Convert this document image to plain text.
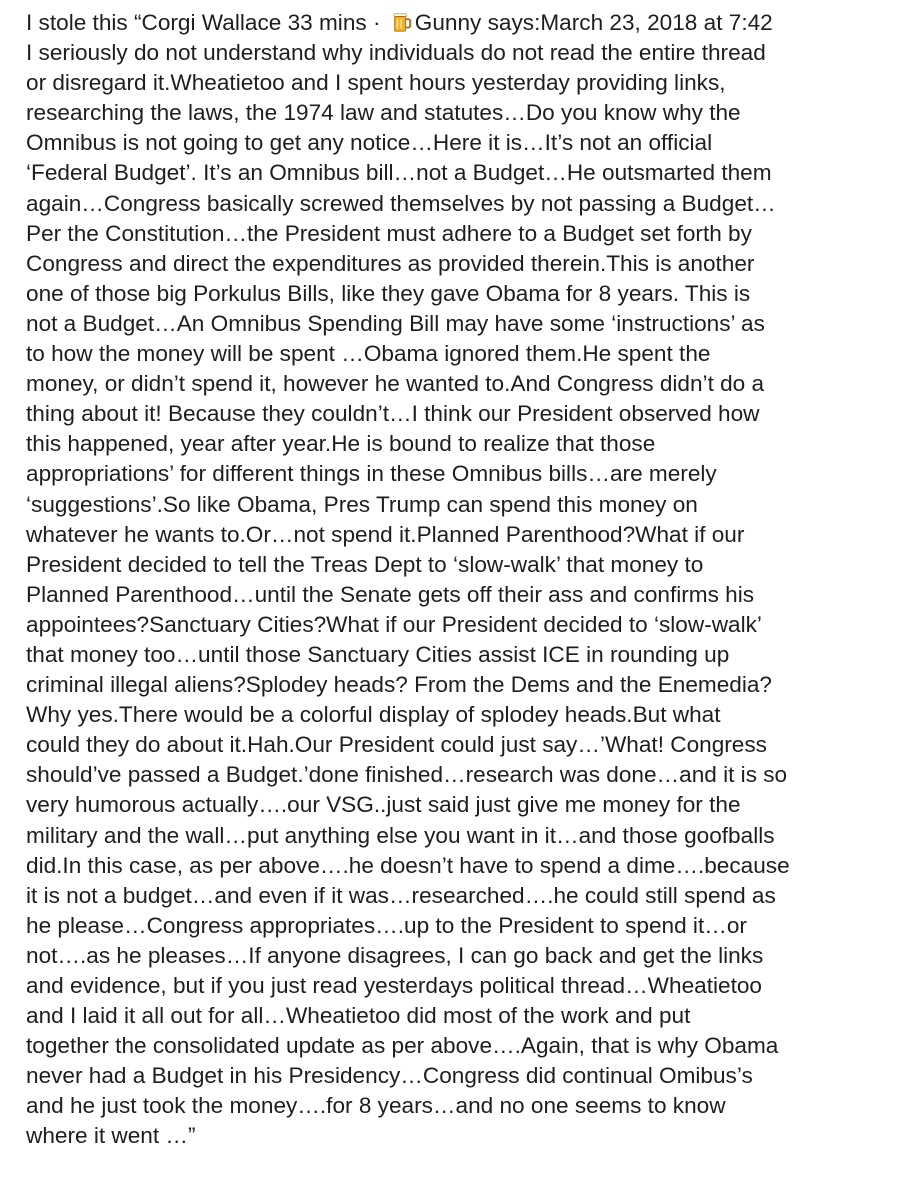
I stole this “Corgi Wallace 33 mins · Gunny says:March 23, 2018 at 7:42
I seriously do not understand why individuals do not read the entire thread
or disregard it.Wheatietoo and I spent hours yesterday providing links,
researching the laws, the 1974 law and statutes…Do you know why the
Omnibus is not going to get any notice…Here it is…It’s not an official
‘Federal Budget’. It’s an Omnibus bill…not a Budget…He outsmarted them
again…Congress basically screwed themselves by not passing a Budget…
Per the Constitution…the President must adhere to a Budget set forth by
Congress and direct the expenditures as provided therein.This is another
one of those big Porkulus Bills, like they gave Obama for 8 years. This is
not a Budget…An Omnibus Spending Bill may have some ‘instructions’ as
to how the money will be spent …Obama ignored them.He spent the
money, or didn’t spend it, however he wanted to.And Congress didn’t do a
thing about it! Because they couldn’t…I think our President observed how
this happened, year after year.He is bound to realize that those
appropriations’ for different things in these Omnibus bills…are merely
‘suggestions’.So like Obama, Pres Trump can spend this money on
whatever he wants to.Or…not spend it.Planned Parenthood?What if our
President decided to tell the Treas Dept to ‘slow-walk’ that money to
Planned Parenthood…until the Senate gets off their ass and confirms his
appointees?Sanctuary Cities?What if our President decided to ‘slow-walk’
that money too…until those Sanctuary Cities assist ICE in rounding up
criminal illegal aliens?Splodey heads? From the Dems and the Enemedia?
Why yes.There would be a colorful display of splodey heads.But what
could they do about it.Hah.Our President could just say…’What! Congress
should’ve passed a Budget.’done finished…research was done…and it is so
very humorous actually….our VSG..just said just give me money for the
military and the wall…put anything else you want in it…and those goofballs
did.In this case, as per above….he doesn’t have to spend a dime….because
it is not a budget…and even if it was…researched….he could still spend as
he please…Congress appropriates….up to the President to spend it…or
not….as he pleases…If anyone disagrees, I can go back and get the links
and evidence, but if you just read yesterdays political thread…Wheatietoo
and I laid it all out for all…Wheatietoo did most of the work and put
together the consolidated update as per above….Again, that is why Obama
never had a Budget in his Presidency…Congress did continual Omibus’s
and he just took the money….for 8 years…and no one seems to know
where it went …”
